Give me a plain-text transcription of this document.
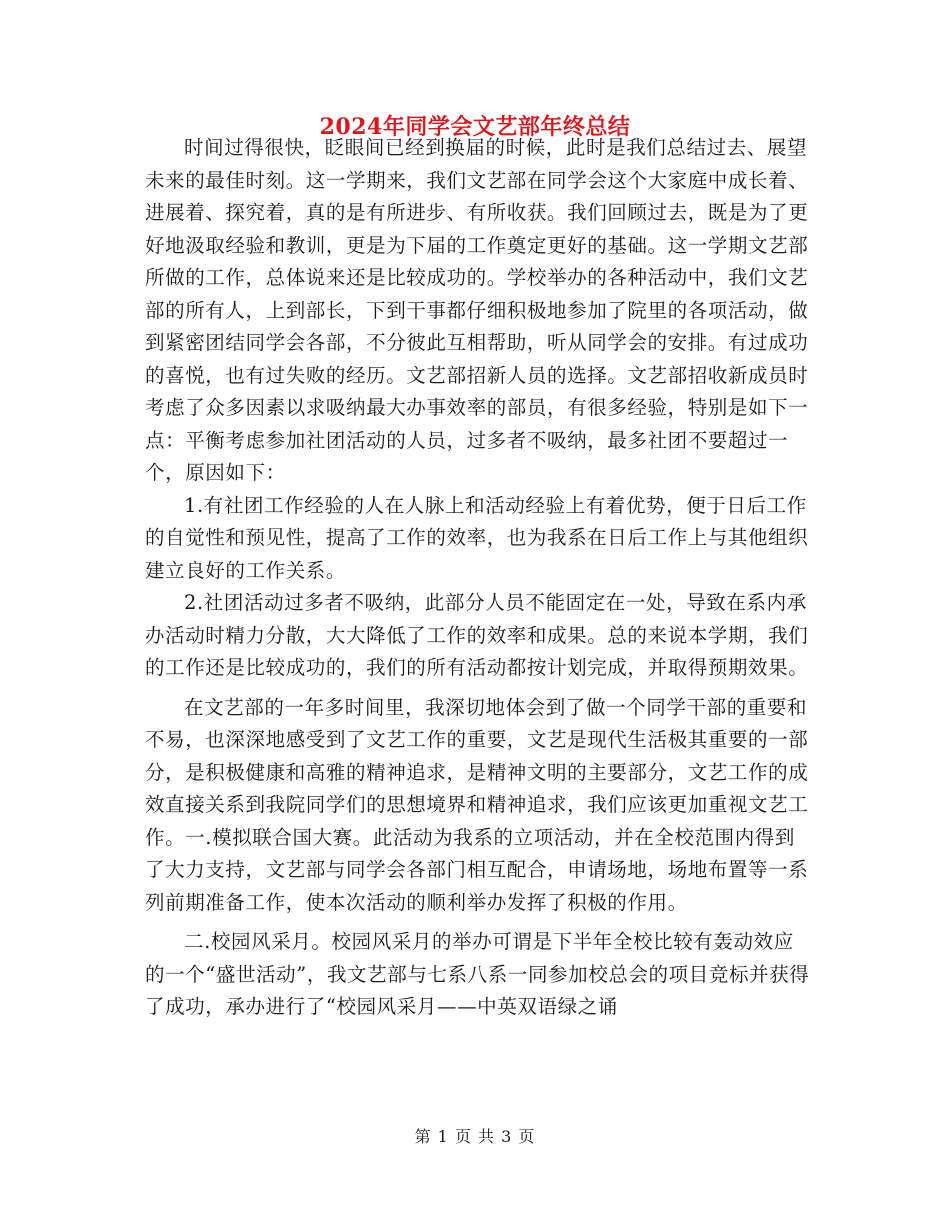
2024年同学会文艺部年终总结

时间过得很快，眨眼间已经到换届的时候，此时是我们总结过去、展望未来的最佳时刻。这一学期来，我们文艺部在同学会这个大家庭中成长着、进展着、探究着，真的是有所进步、有所收获。我们回顾过去，既是为了更好地汲取经验和教训，更是为下届的工作奠定更好的基础。这一学期文艺部所做的工作，总体说来还是比较成功的。学校举办的各种活动中，我们文艺部的所有人，上到部长，下到干事都仔细积极地参加了院里的各项活动，做到紧密团结同学会各部，不分彼此互相帮助，听从同学会的安排。有过成功的喜悦，也有过失败的经历。文艺部招新人员的选择。文艺部招收新成员时考虑了众多因素以求吸纳最大办事效率的部员，有很多经验，特别是如下一点：平衡考虑参加社团活动的人员，过多者不吸纳，最多社团不要超过一个，原因如下：

1.有社团工作经验的人在人脉上和活动经验上有着优势，便于日后工作的自觉性和预见性，提高了工作的效率，也为我系在日后工作上与其他组织建立良好的工作关系。

2.社团活动过多者不吸纳，此部分人员不能固定在一处，导致在系内承办活动时精力分散，大大降低了工作的效率和成果。总的来说本学期，我们的工作还是比较成功的，我们的所有活动都按计划完成，并取得预期效果。

在文艺部的一年多时间里，我深切地体会到了做一个同学干部的重要和不易，也深深地感受到了文艺工作的重要，文艺是现代生活极其重要的一部分，是积极健康和高雅的精神追求，是精神文明的主要部分，文艺工作的成效直接关系到我院同学们的思想境界和精神追求，我们应该更加重视文艺工作。一.模拟联合国大赛。此活动为我系的立项活动，并在全校范围内得到了大力支持，文艺部与同学会各部门相互配合，申请场地，场地布置等一系列前期准备工作，使本次活动的顺利举办发挥了积极的作用。

二.校园风采月。校园风采月的举办可谓是下半年全校比较有轰动效应的一个“盛世活动”，我文艺部与七系八系一同参加校总会的项目竞标并获得了成功，承办进行了“校园风采月——中英双语绿之诵

第 1 页 共 3 页
